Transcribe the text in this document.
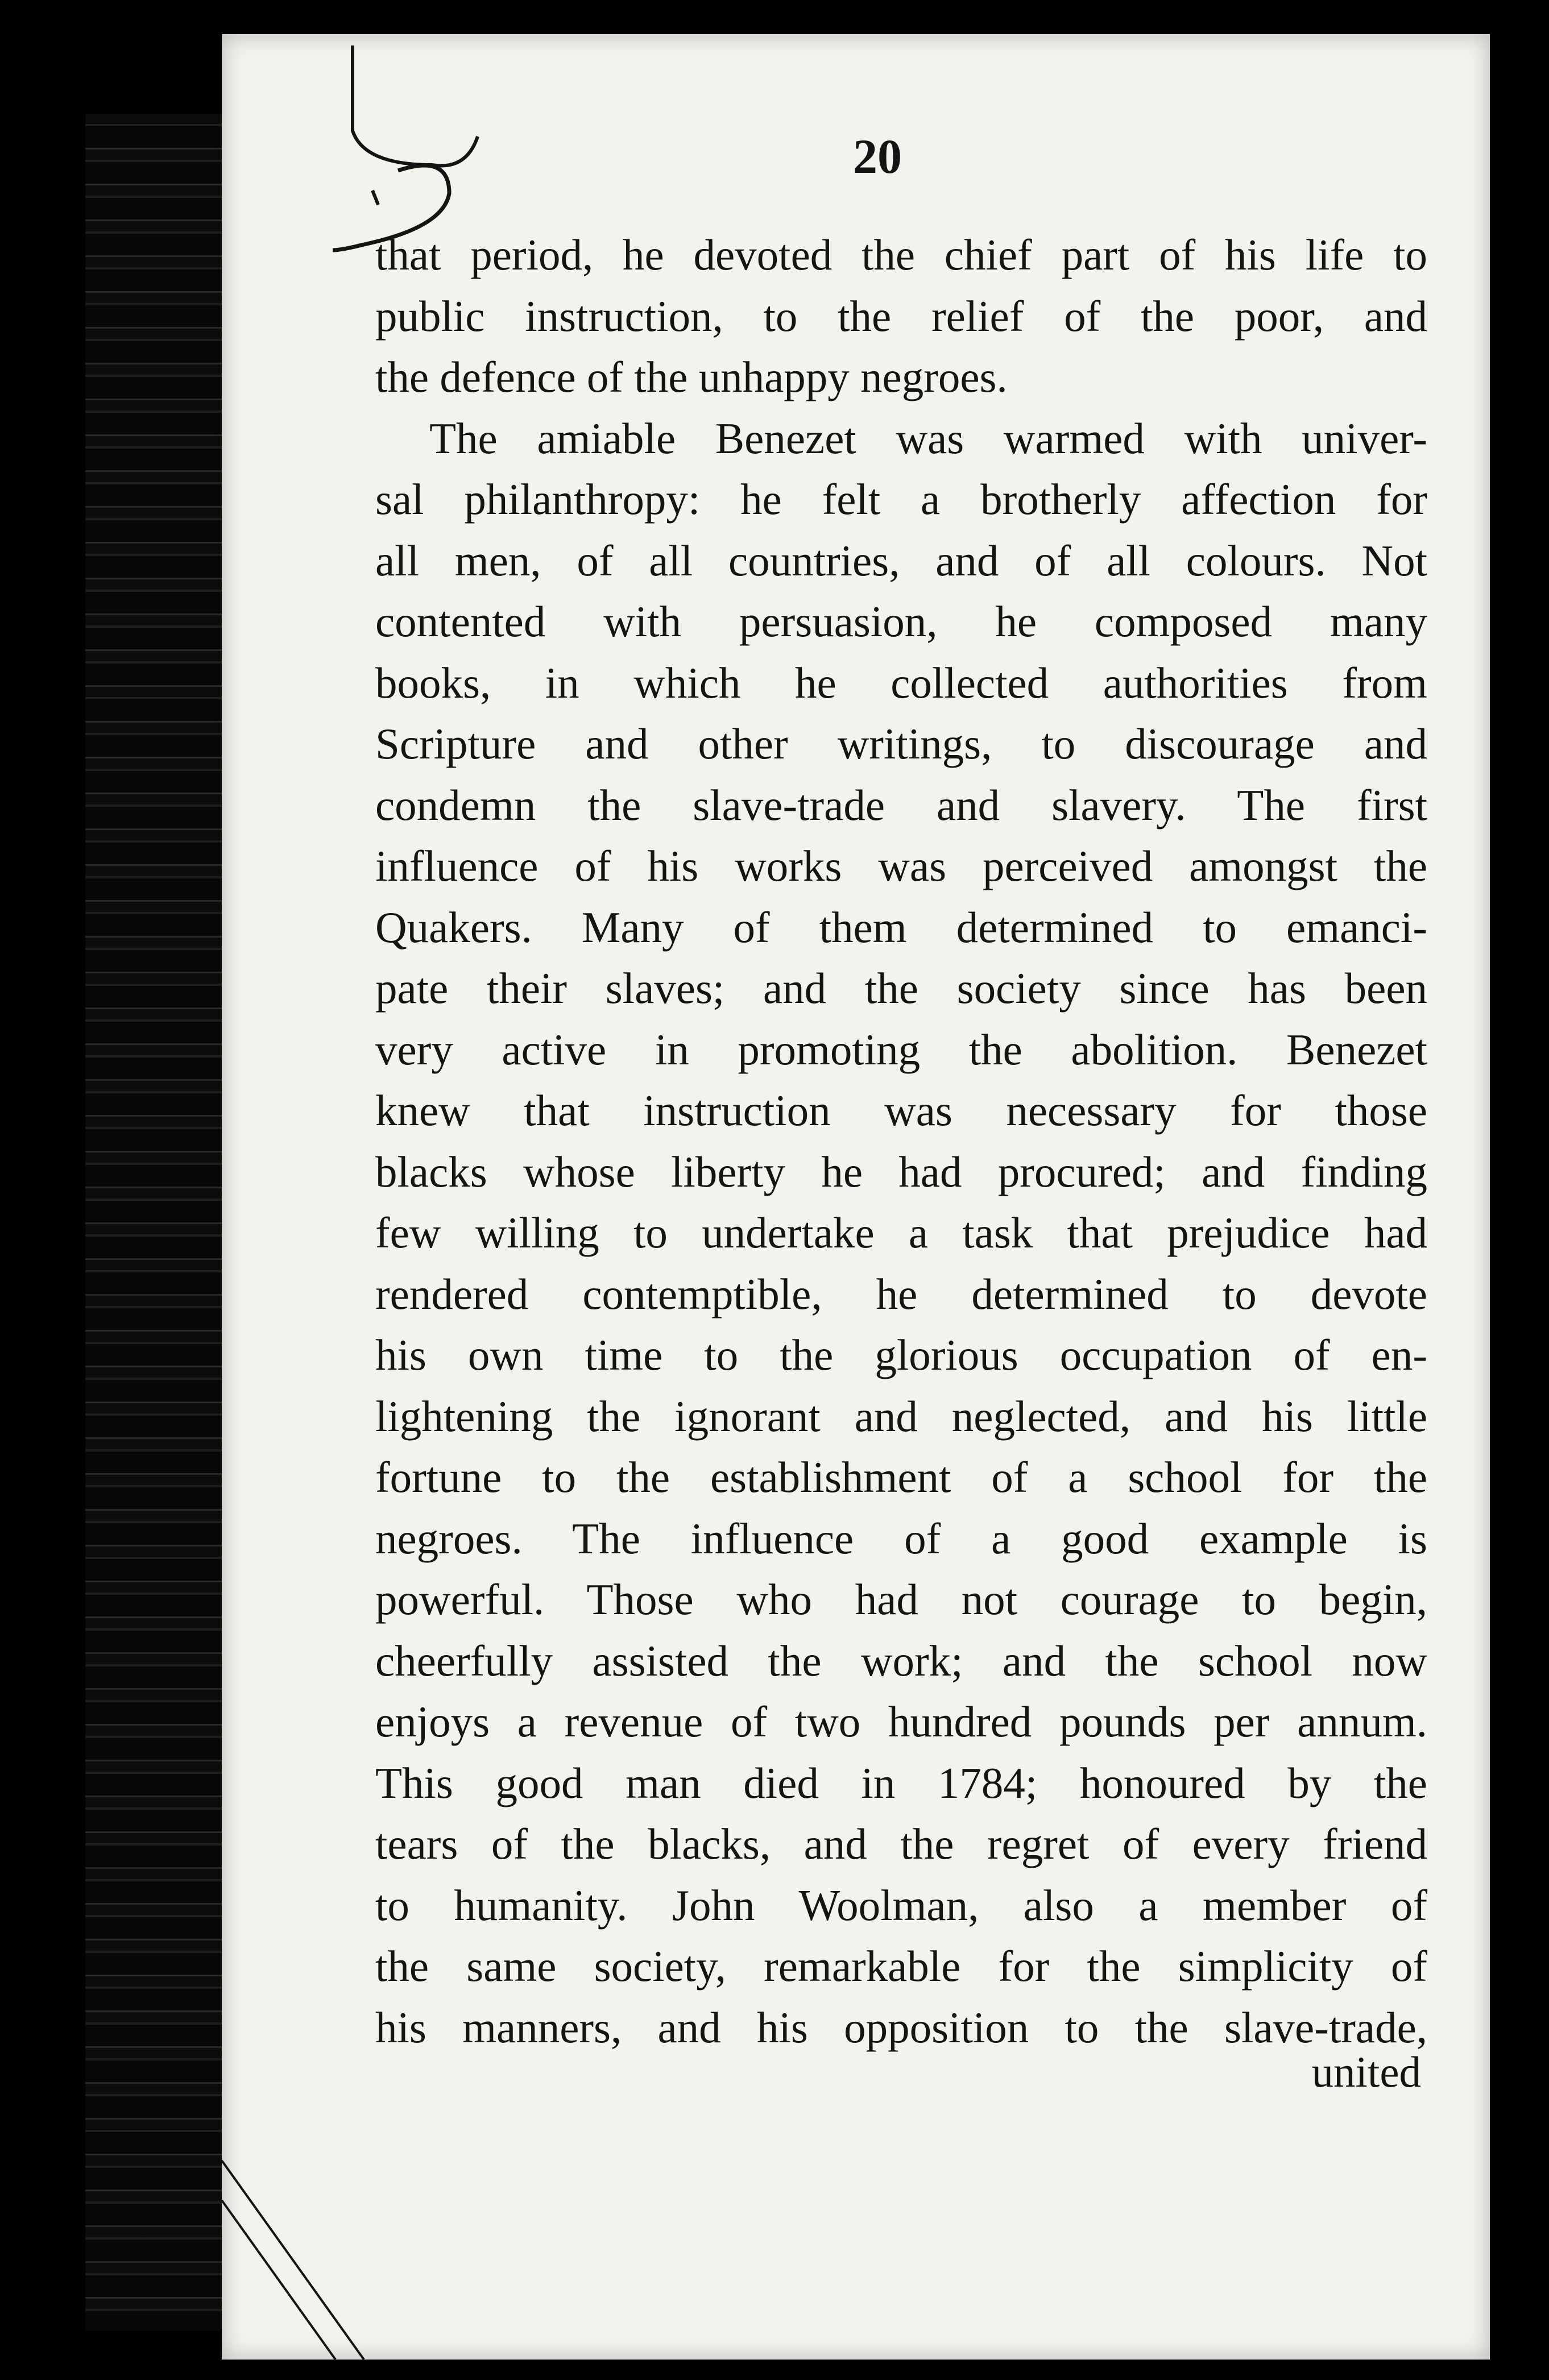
20
that period, he devoted the chief part of his life to
public instruction, to the relief of the poor, and
the defence of the unhappy negroes.
The amiable Benezet was warmed with univer-
sal philanthropy: he felt a brotherly affection for
all men, of all countries, and of all colours. Not
contented with persuasion, he composed many
books, in which he collected authorities from
Scripture and other writings, to discourage and
condemn the slave-trade and slavery. The first
influence of his works was perceived amongst the
Quakers. Many of them determined to emanci-
pate their slaves; and the society since has been
very active in promoting the abolition. Benezet
knew that instruction was necessary for those
blacks whose liberty he had procured; and finding
few willing to undertake a task that prejudice had
rendered contemptible, he determined to devote
his own time to the glorious occupation of en-
lightening the ignorant and neglected, and his little
fortune to the establishment of a school for the
negroes. The influence of a good example is
powerful. Those who had not courage to begin,
cheerfully assisted the work; and the school now
enjoys a revenue of two hundred pounds per annum.
This good man died in 1784; honoured by the
tears of the blacks, and the regret of every friend
to humanity. John Woolman, also a member of
the same society, remarkable for the simplicity of
his manners, and his opposition to the slave-trade,
united
